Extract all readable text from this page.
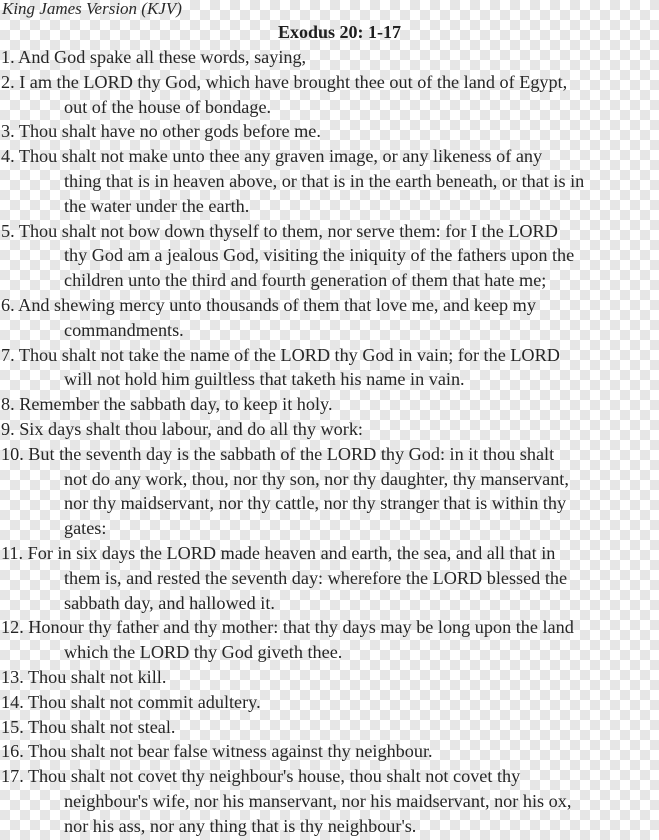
King James Version (KJV)
Exodus 20: 1-17
1. And God spake all these words, saying,
2. I am the LORD thy God, which have brought thee out of the land of Egypt,
out of the house of bondage.
3. Thou shalt have no other gods before me.
4. Thou shalt not make unto thee any graven image, or any likeness of any
thing that is in heaven above, or that is in the earth beneath, or that is in
the water under the earth.
5. Thou shalt not bow down thyself to them, nor serve them: for I the LORD
thy God am a jealous God, visiting the iniquity of the fathers upon the
children unto the third and fourth generation of them that hate me;
6. And shewing mercy unto thousands of them that love me, and keep my
commandments.
7. Thou shalt not take the name of the LORD thy God in vain; for the LORD
will not hold him guiltless that taketh his name in vain.
8. Remember the sabbath day, to keep it holy.
9. Six days shalt thou labour, and do all thy work:
10. But the seventh day is the sabbath of the LORD thy God: in it thou shalt
not do any work, thou, nor thy son, nor thy daughter, thy manservant,
nor thy maidservant, nor thy cattle, nor thy stranger that is within thy
gates:
11. For in six days the LORD made heaven and earth, the sea, and all that in
them is, and rested the seventh day: wherefore the LORD blessed the
sabbath day, and hallowed it.
12. Honour thy father and thy mother: that thy days may be long upon the land
which the LORD thy God giveth thee.
13. Thou shalt not kill.
14. Thou shalt not commit adultery.
15. Thou shalt not steal.
16. Thou shalt not bear false witness against thy neighbour.
17. Thou shalt not covet thy neighbour's house, thou shalt not covet thy
neighbour's wife, nor his manservant, nor his maidservant, nor his ox,
nor his ass, nor any thing that is thy neighbour's.
